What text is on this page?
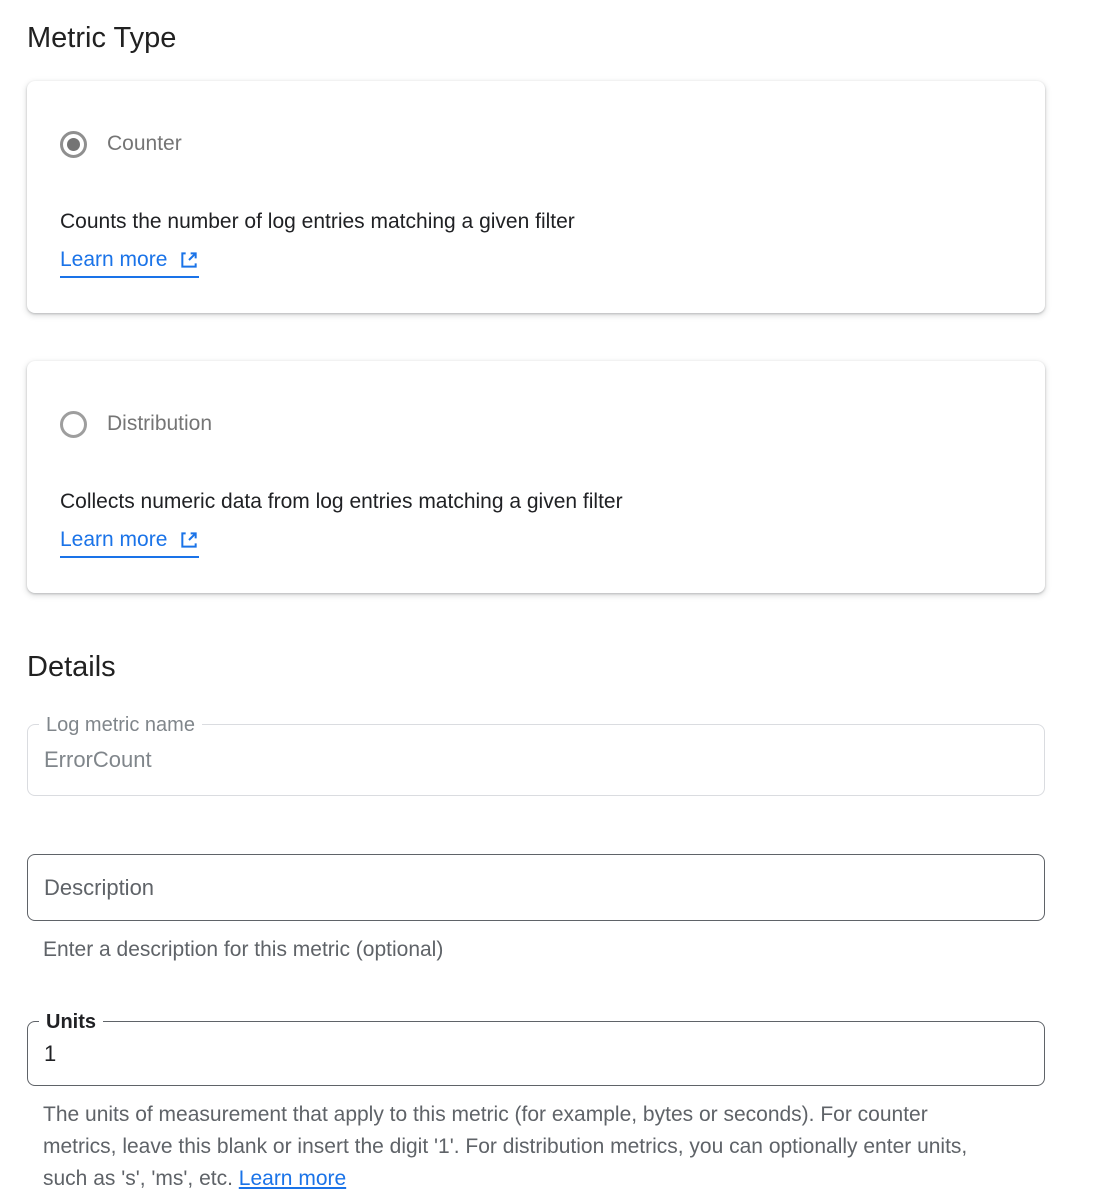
Metric Type
Counter
Counts the number of log entries matching a given filter
Learn more
Distribution
Collects numeric data from log entries matching a given filter
Learn more
Details
Log metric name
ErrorCount
Description
Enter a description for this metric (optional)
Units
1
The units of measurement that apply to this metric (for example, bytes or seconds). For counter metrics, leave this blank or insert the digit '1'. For distribution metrics, you can optionally enter units, such as 's', 'ms', etc. Learn more
